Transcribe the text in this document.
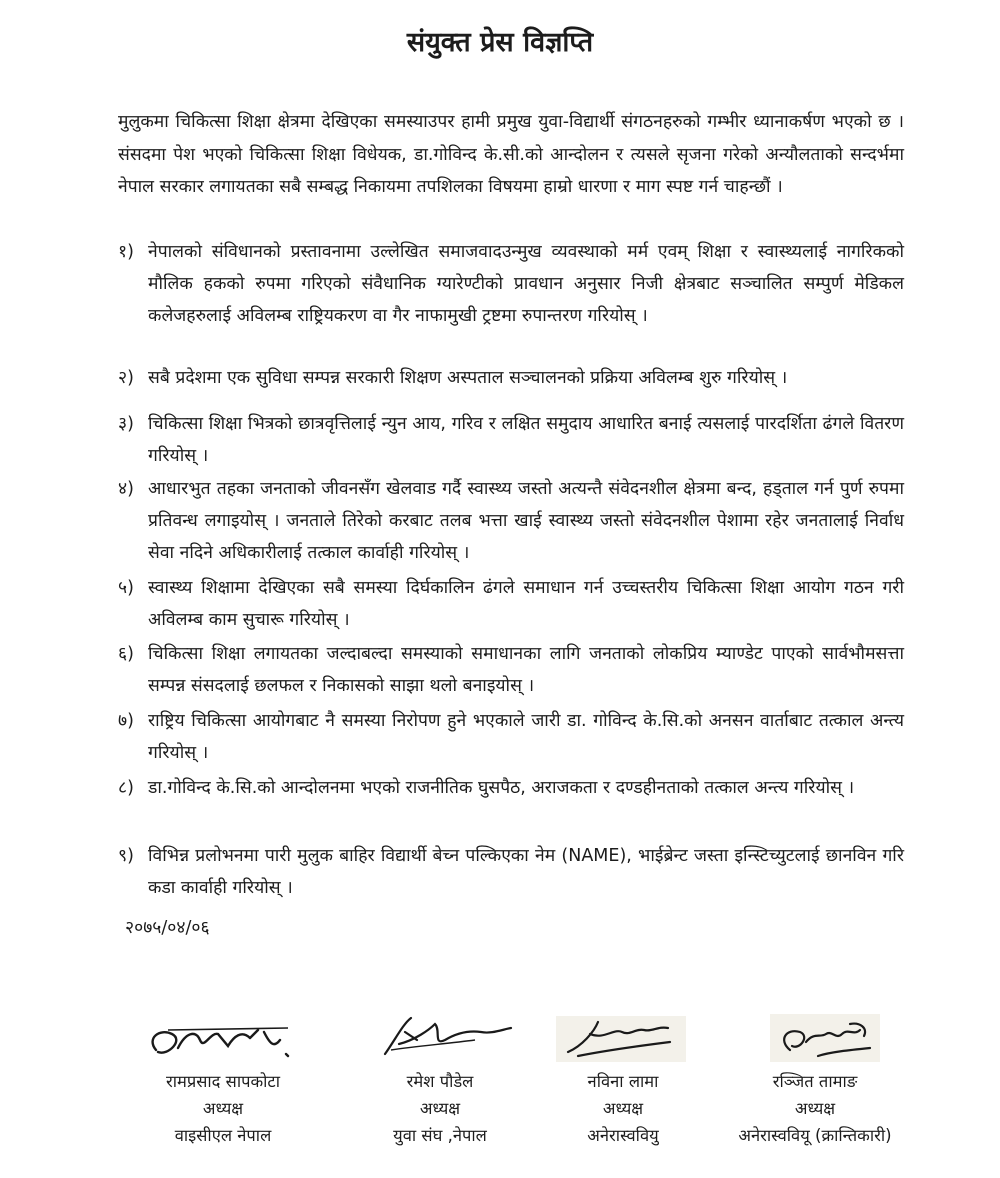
संयुक्त प्रेस विज्ञप्ति
मुलुकमा चिकित्सा शिक्षा क्षेत्रमा देखिएका समस्याउपर हामी प्रमुख युवा-विद्यार्थी संगठनहरुको गम्भीर ध्यानाकर्षण भएको छ । संसदमा पेश भएको चिकित्सा शिक्षा विधेयक, डा.गोविन्द के.सी.को आन्दोलन र त्यसले सृजना गरेको अन्यौलताको सन्दर्भमा नेपाल सरकार लगायतका सबै सम्बद्ध निकायमा तपशिलका विषयमा हाम्रो धारणा र माग स्पष्ट गर्न चाहन्छौं ।
१) नेपालको संविधानको प्रस्तावनामा उल्लेखित समाजवादउन्मुख व्यवस्थाको मर्म एवम् शिक्षा र स्वास्थ्यलाई नागरिकको मौलिक हकको रुपमा गरिएको संवैधानिक ग्यारेण्टीको प्रावधान अनुसार निजी क्षेत्रबाट सञ्चालित सम्पुर्ण मेडिकल कलेजहरुलाई अविलम्ब राष्ट्रियकरण वा गैर नाफामुखी ट्रष्टमा रुपान्तरण गरियोस् ।
२) सबै प्रदेशमा एक सुविधा सम्पन्न सरकारी शिक्षण अस्पताल सञ्चालनको प्रक्रिया अविलम्ब शुरु गरियोस् ।
३) चिकित्सा शिक्षा भित्रको छात्रवृत्तिलाई न्युन आय, गरिव र लक्षित समुदाय आधारित बनाई त्यसलाई पारदर्शिता ढंगले वितरण गरियोस् ।
४) आधारभुत तहका जनताको जीवनसँग खेलवाड गर्दै स्वास्थ्य जस्तो अत्यन्तै संवेदनशील क्षेत्रमा बन्द, हड्ताल गर्न पुर्ण रुपमा प्रतिवन्ध लगाइयोस् । जनताले तिरेको करबाट तलब भत्ता खाई स्वास्थ्य जस्तो संवेदनशील पेशामा रहेर जनतालाई निर्वाध सेवा नदिने अधिकारीलाई तत्काल कार्वाही गरियोस् ।
५) स्वास्थ्य शिक्षामा देखिएका सबै समस्या दिर्घकालिन ढंगले समाधान गर्न उच्चस्तरीय चिकित्सा शिक्षा आयोग गठन गरी अविलम्ब काम सुचारू गरियोस् ।
६) चिकित्सा शिक्षा लगायतका जल्दाबल्दा समस्याको समाधानका लागि जनताको लोकप्रिय म्याण्डेट पाएको सार्वभौमसत्ता सम्पन्न संसदलाई छलफल र निकासको साझा थलो बनाइयोस् ।
७) राष्ट्रिय चिकित्सा आयोगबाट नै समस्या निरोपण हुने भएकाले जारी डा. गोविन्द के.सि.को अनसन वार्ताबाट तत्काल अन्त्य गरियोस् ।
८) डा.गोविन्द के.सि.को आन्दोलनमा भएको राजनीतिक घुसपैठ, अराजकता र दण्डहीनताको तत्काल अन्त्य गरियोस् ।
९) विभिन्न प्रलोभनमा पारी मुलुक बाहिर विद्यार्थी बेच्न पल्किएका नेम (NAME), भाईब्रेन्ट जस्ता इन्स्टिच्युटलाई छानविन गरि कडा कार्वाही गरियोस् ।
२०७५/०४/०६
रामप्रसाद सापकोटा
अध्यक्ष
वाइसीएल नेपाल
रमेश पौडेल
अध्यक्ष
युवा संघ ,नेपाल
नविना लामा
अध्यक्ष
अनेरास्ववियु
रञ्जित तामाङ
अध्यक्ष
अनेरास्वविय‍ू (क्रान्तिकारी)
